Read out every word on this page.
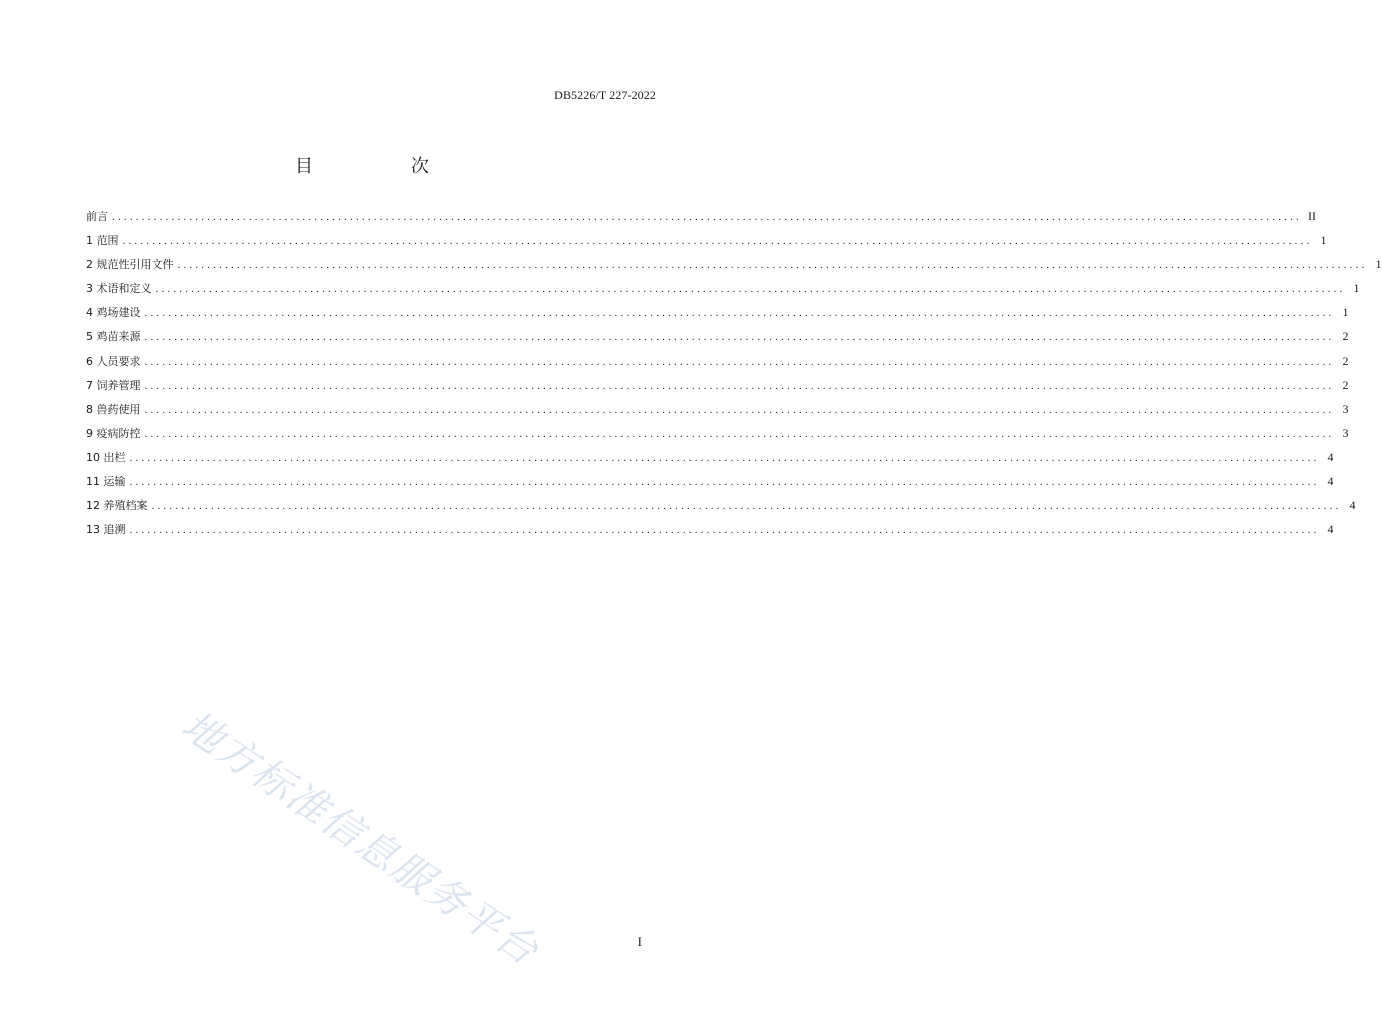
DB5226/T 227-2022
目　次
前言 ........................................................................................................................................................................................................ II
1 范围 ........................................................................................................................................................................................................ 1
2 规范性引用文件 ........................................................................................................................................................................................................ 1
3 术语和定义 ........................................................................................................................................................................................................ 1
4 鸡场建设 ........................................................................................................................................................................................................ 1
5 鸡苗来源 ........................................................................................................................................................................................................ 2
6 人员要求 ........................................................................................................................................................................................................ 2
7 饲养管理 ........................................................................................................................................................................................................ 2
8 兽药使用 ........................................................................................................................................................................................................ 3
9 疫病防控 ........................................................................................................................................................................................................ 3
10 出栏 ........................................................................................................................................................................................................ 4
11 运输 ........................................................................................................................................................................................................ 4
12 养殖档案 ........................................................................................................................................................................................................ 4
13 追溯 ........................................................................................................................................................................................................ 4
地方标准信息服务平台	I
